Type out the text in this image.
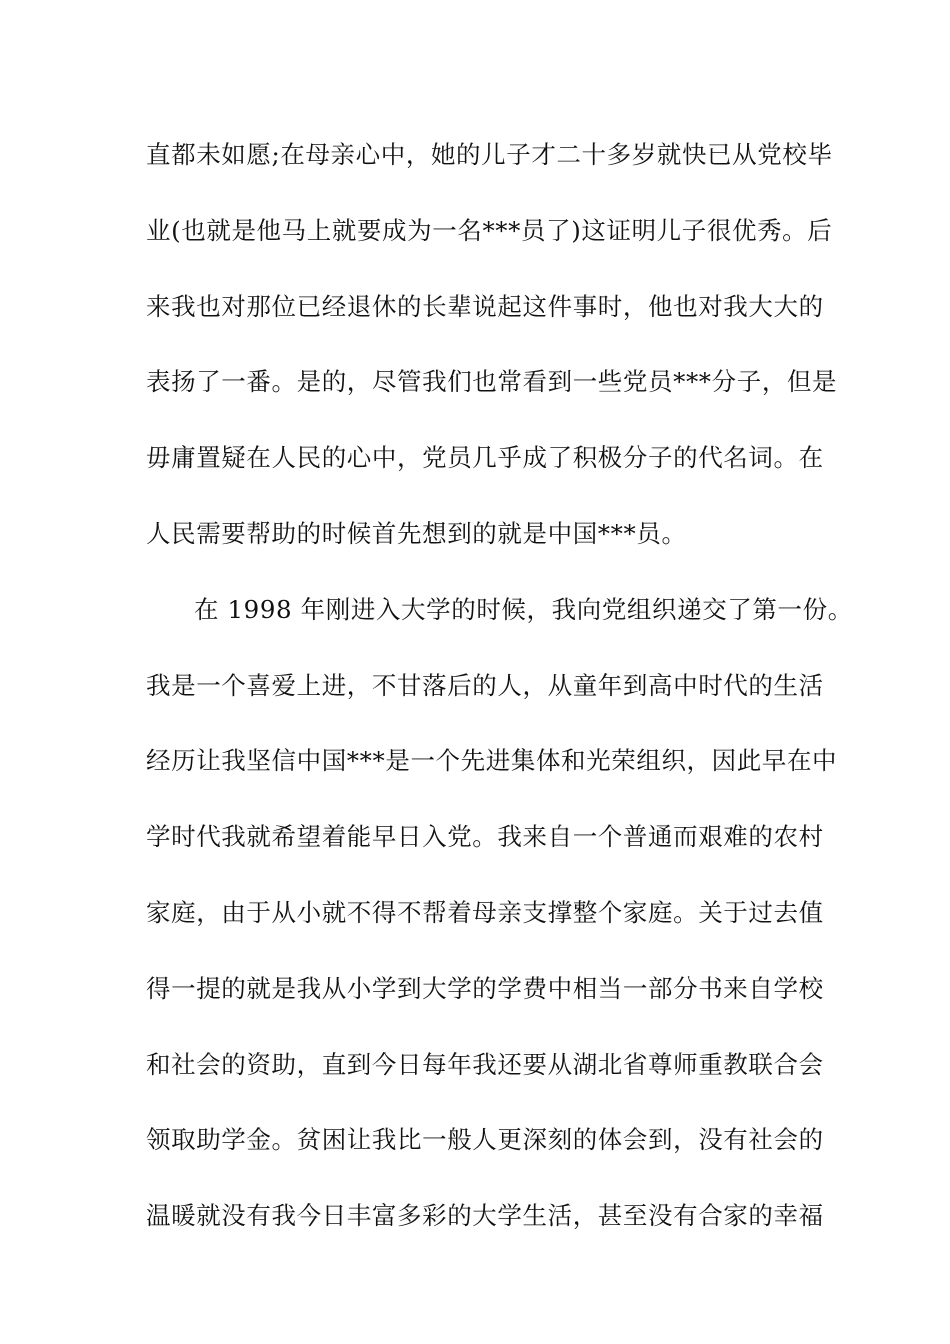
直都未如愿;在母亲心中，她的儿子才二十多岁就快已从党校毕
业(也就是他马上就要成为一名***员了)这证明儿子很优秀。后
来我也对那位已经退休的长辈说起这件事时，他也对我大大的
表扬了一番。是的，尽管我们也常看到一些党员***分子，但是
毋庸置疑在人民的心中，党员几乎成了积极分子的代名词。在
人民需要帮助的时候首先想到的就是中国***员。
在 1998 年刚进入大学的时候，我向党组织递交了第一份。
我是一个喜爱上进，不甘落后的人，从童年到高中时代的生活
经历让我坚信中国***是一个先进集体和光荣组织，因此早在中
学时代我就希望着能早日入党。我来自一个普通而艰难的农村
家庭，由于从小就不得不帮着母亲支撑整个家庭。关于过去值
得一提的就是我从小学到大学的学费中相当一部分书来自学校
和社会的资助，直到今日每年我还要从湖北省尊师重教联合会
领取助学金。贫困让我比一般人更深刻的体会到，没有社会的
温暖就没有我今日丰富多彩的大学生活，甚至没有合家的幸福
